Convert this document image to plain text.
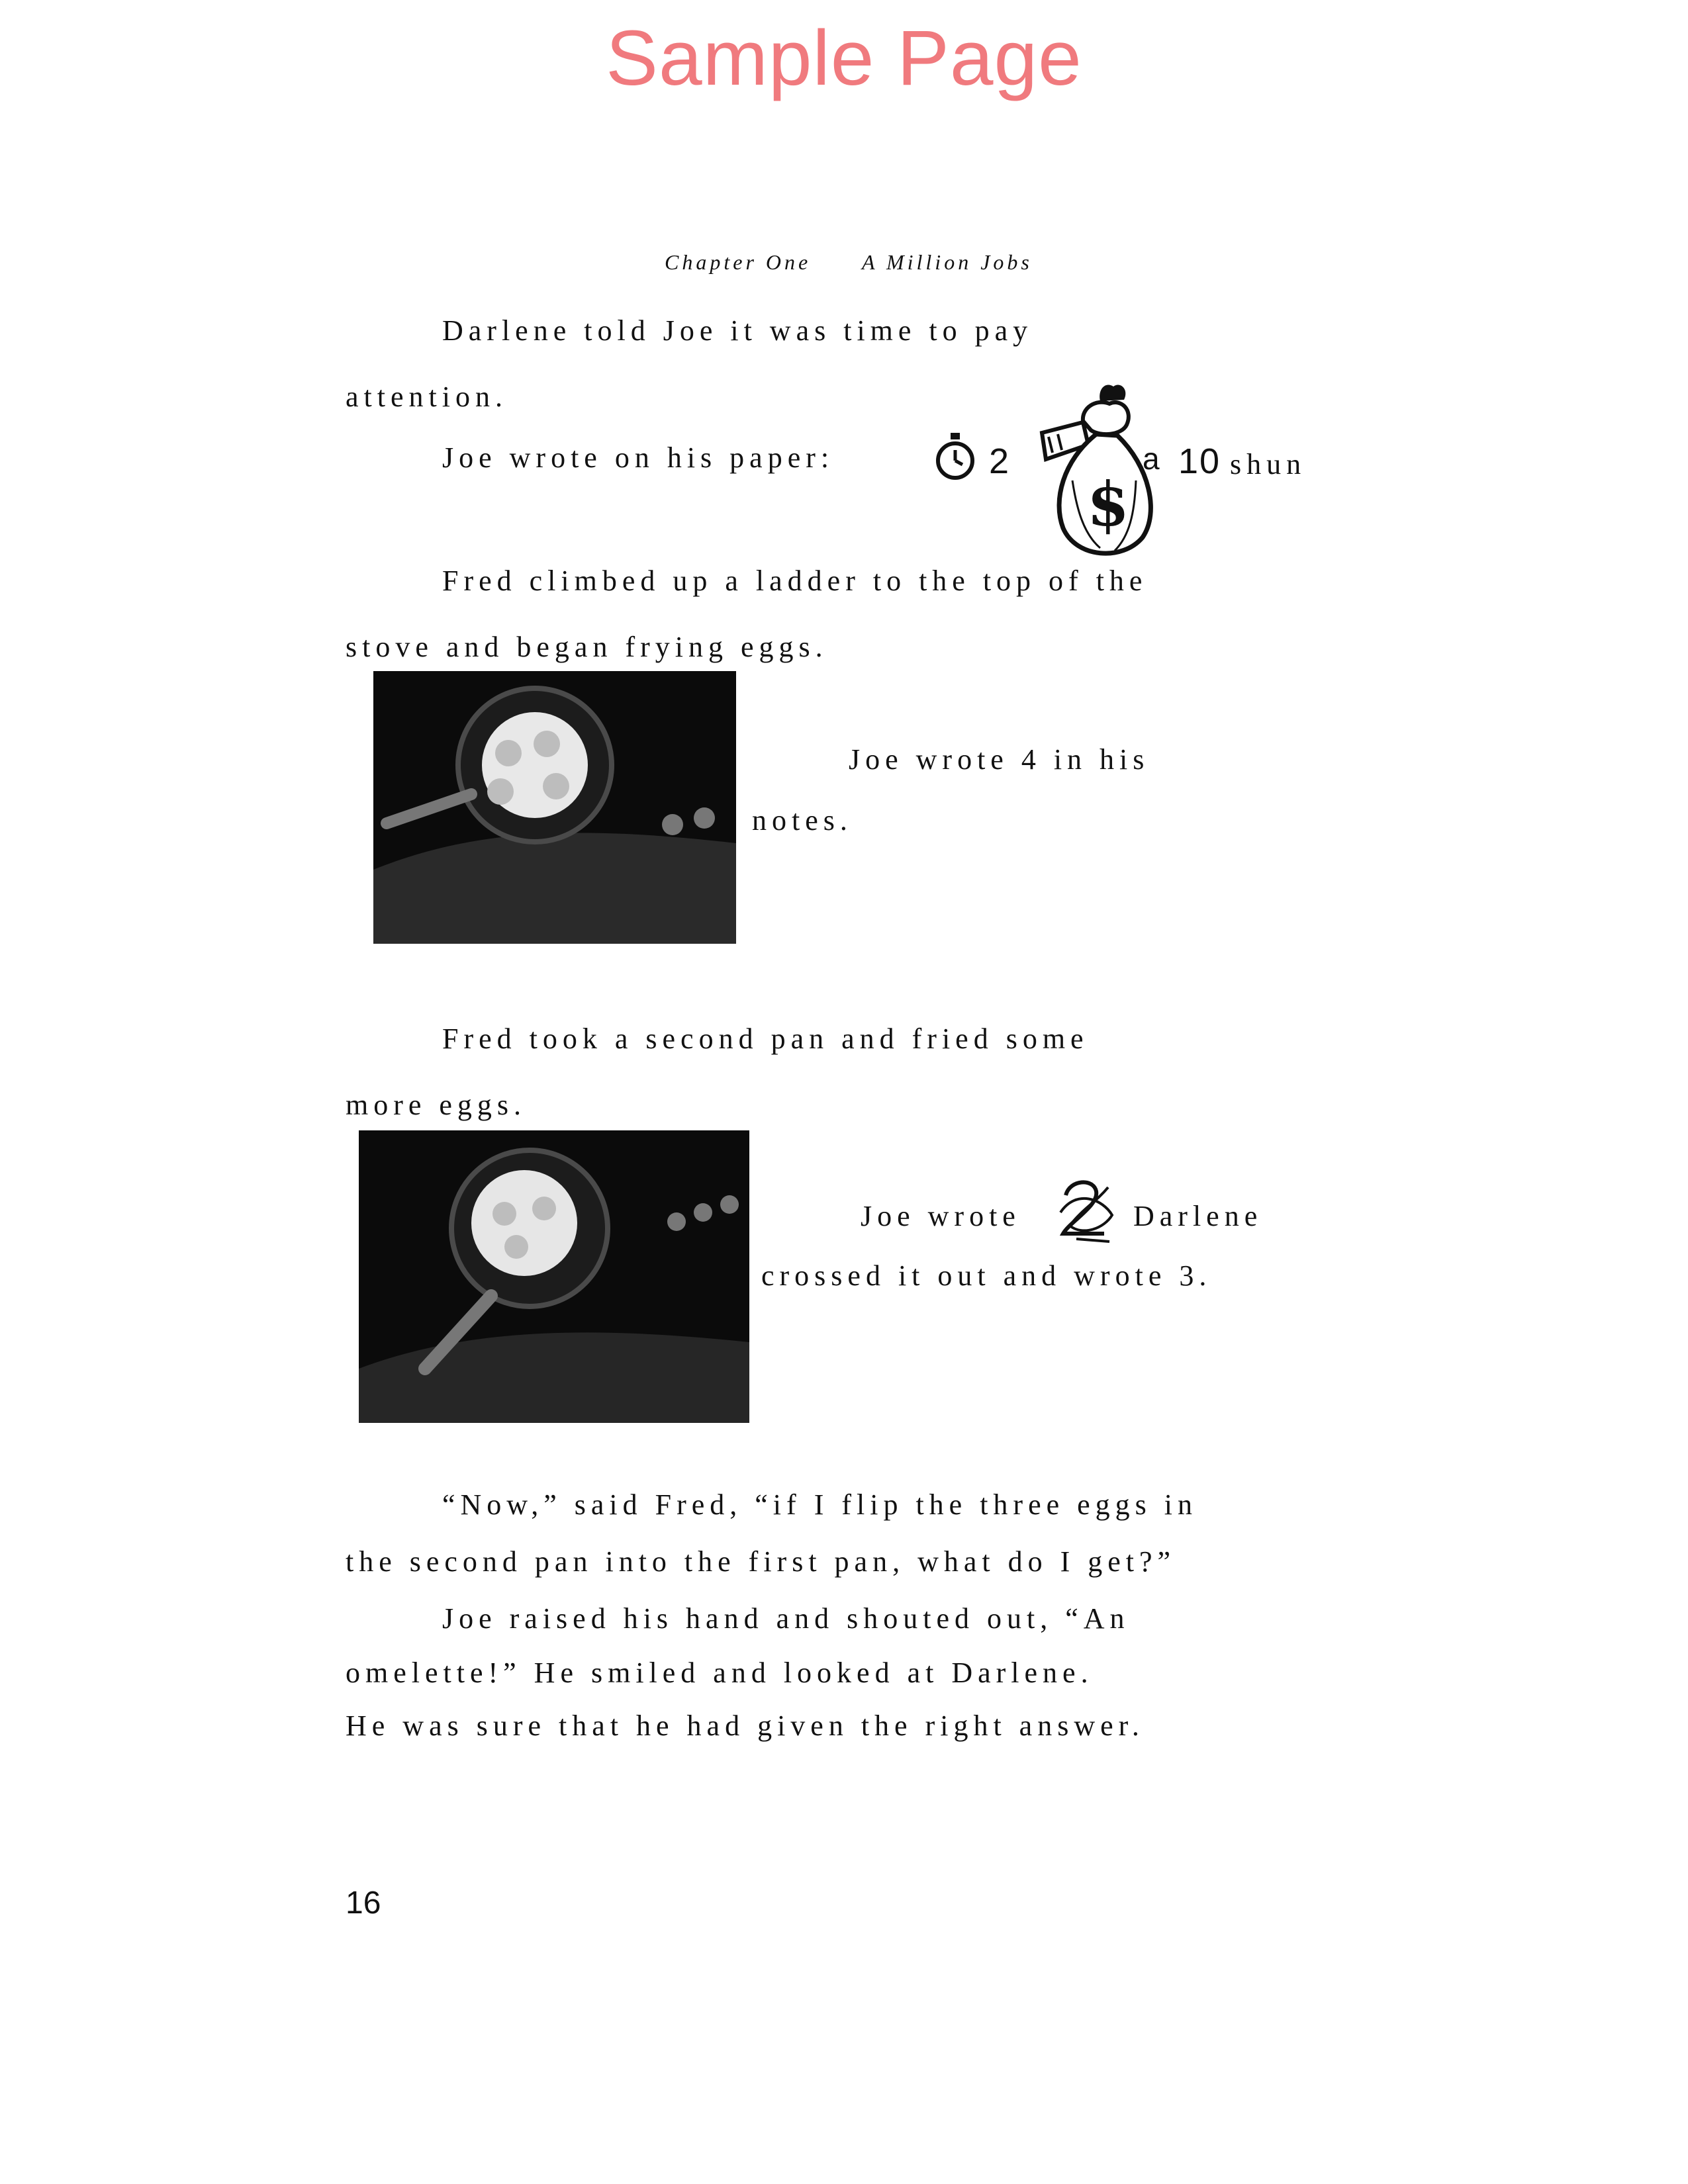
Sample Page
Chapter One A Million Jobs
Darlene told Joe it was time to pay
attention.
Joe wrote on his paper:	2
$
a 10 shun
Fred climbed up a ladder to the top of the
stove and began frying eggs.
Joe wrote 4 in his
notes.
Fred took a second pan and fried some
more eggs.
Joe wrote	Darlene
crossed it out and wrote 3.
“Now,” said Fred, “if I flip the three eggs in
the second pan into the first pan, what do I get?”
Joe raised his hand and shouted out, “An
omelette!” He smiled and looked at Darlene.
He was sure that he had given the right answer.
16
